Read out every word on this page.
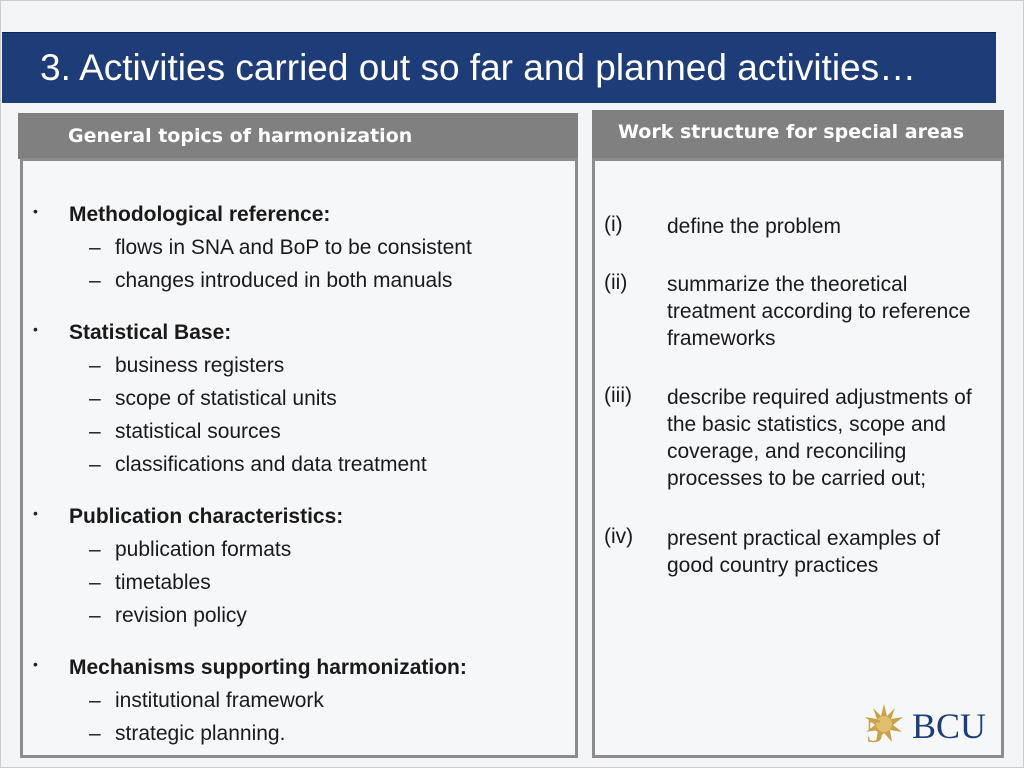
3. Activities carried out so far and planned activities…
General topics of harmonization
• Methodological reference:
– flows in SNA and BoP to be consistent
– changes introduced in both manuals
• Statistical Base:
– business registers
– scope of statistical units
– statistical sources
– classifications and data treatment
• Publication characteristics:
– publication formats
– timetables
– revision policy
• Mechanisms supporting harmonization:
– institutional framework
– strategic planning.
Work structure for special areas
(i) define the problem
(ii) summarize the theoretical treatment according to reference frameworks
(iii) describe required adjustments of the basic statistics, scope and coverage, and reconciling processes to be carried out;
(iv) present practical examples of good country practices
5 BCU
